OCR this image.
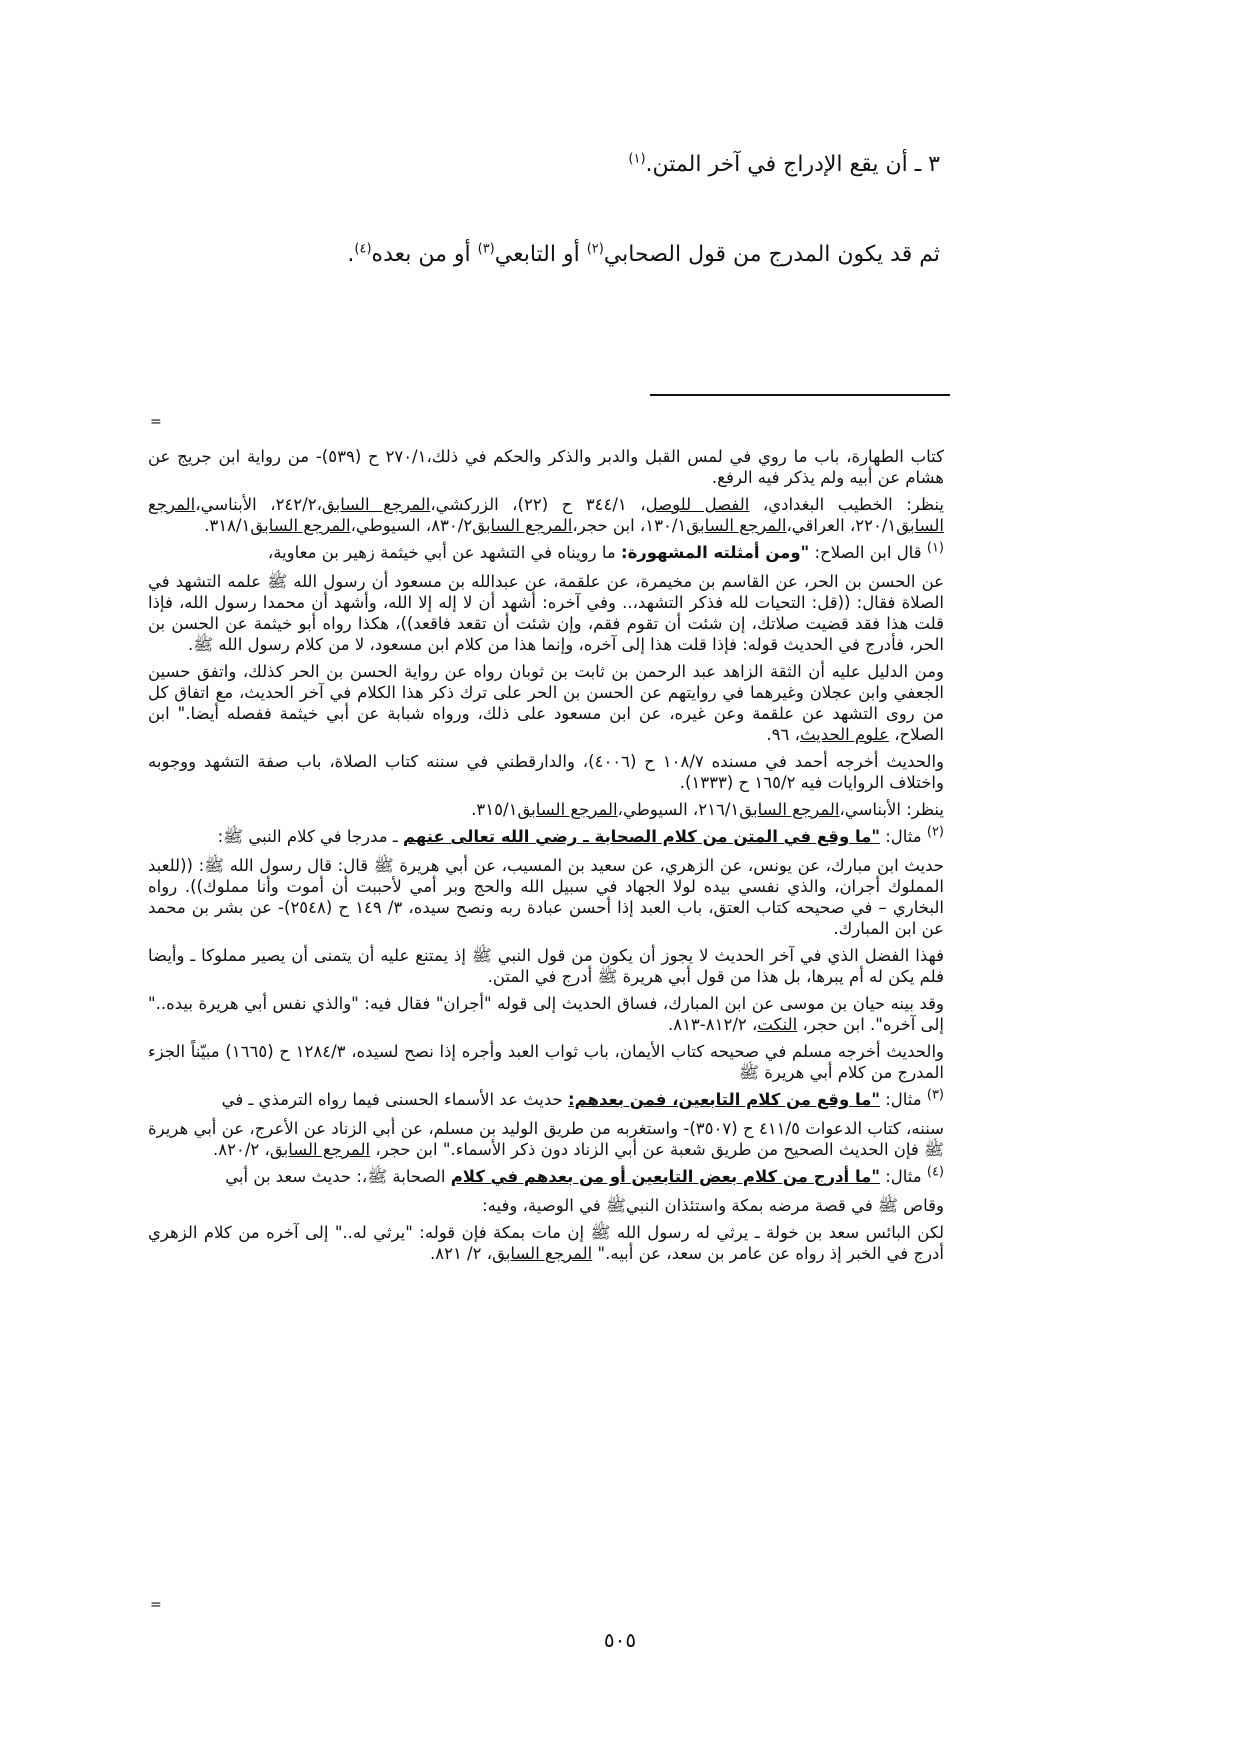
٣ ـ أن يقع الإدراج في آخر المتن.$^{(١)}$

ثم قد يكون المدرج من قول الصحابي$^{(٢)}$ أو التابعي$^{(٣)}$ أو من بعده$^{(٤)}$.

=

كتاب الطهارة، باب ما روي في لمس القبل والدبر والذكر والحكم في ذلك،٢٧٠/١ ح (٥٣٩)- من رواية ابن جريج عن هشام عن أبيه ولم يذكر فيه الرفع.

ينظر: الخطيب البغدادي، الفصل للوصل، ٣٤٤/١ ح (٢٢)، الزركشي،المرجع السابق،٢٤٢/٢، الأبناسي،المرجع السابق٢٢٠/١، العراقي،المرجع السابق١٣٠/١، ابن حجر،المرجع السابق٨٣٠/٢، السيوطي،المرجع السابق٣١٨/١.

$^{(١)}$ قال ابن الصلاح: "ومن أمثلته المشهورة: ما رويناه في التشهد عن أبي خيثمة زهير بن معاوية،

عن الحسن بن الحر، عن القاسم بن مخيمرة، عن علقمة، عن عبدالله بن مسعود أن رسول الله ﷺ علمه التشهد في الصلاة فقال: ((قل: التحيات لله فذكر التشهد،.. وفي آخره: أشهد أن لا إله إلا الله، وأشهد أن محمدا رسول الله، فإذا قلت هذا فقد قضيت صلاتك، إن شئت أن تقوم فقم، وإن شئت أن تقعد فاقعد))، هكذا رواه أبو خيثمة عن الحسن بن الحر، فأدرج في الحديث قوله: فإذا قلت هذا إلى آخره، وإنما هذا من كلام ابن مسعود، لا من كلام رسول الله ﷺ.

ومن الدليل عليه أن الثقة الزاهد عبد الرحمن بن ثابت بن ثوبان رواه عن رواية الحسن بن الحر كذلك، واتفق حسين الجعفي وابن عجلان وغيرهما في روايتهم عن الحسن بن الحر على ترك ذكر هذا الكلام في آخر الحديث، مع اتفاق كل من روى التشهد عن علقمة وعن غيره، عن ابن مسعود على ذلك، ورواه شبابة عن أبي خيثمة ففصله أيضا." ابن الصلاح، علوم الحديث، ٩٦.

والحديث أخرجه أحمد في مسنده ١٠٨/٧ ح (٤٠٠٦)، والدارقطني في سننه كتاب الصلاة، باب صفة التشهد ووجوبه واختلاف الروايات فيه ١٦٥/٢ ح (١٣٣٣).

ينظر: الأبناسي،المرجع السابق٢١٦/١، السيوطي،المرجع السابق٣١٥/١.

$^{(٢)}$ مثال: "ما وقع في المتن من كلام الصحابة ـ رضي الله تعالى عنهم ـ مدرجا في كلام النبي ﷺ:

حديث ابن مبارك، عن يونس، عن الزهري، عن سعيد بن المسيب، عن أبي هريرة ﷺ قال: قال رسول الله ﷺ: ((للعبد المملوك أجران، والذي نفسي بيده لولا الجهاد في سبيل الله والحج وبر أمي لأحببت أن أموت وأنا مملوك)). رواه البخاري – في صحيحه كتاب العتق، باب العبد إذا أحسن عبادة ربه ونصح سيده، ٣/ ١٤٩ ح (٢٥٤٨)- عن بشر بن محمد عن ابن المبارك.

فهذا الفضل الذي في آخر الحديث لا يجوز أن يكون من قول النبي ﷺ إذ يمتنع عليه أن يتمنى أن يصير مملوكا ـ وأيضا فلم يكن له أم يبرها، بل هذا من قول أبي هريرة ﷺ أدرج في المتن.

وقد بينه حيان بن موسى عن ابن المبارك، فساق الحديث إلى قوله "أجران" فقال فيه: "والذي نفس أبي هريرة بيده.." إلى آخره". ابن حجر، النكت، ٨١٢/٢-٨١٣.

والحديث أخرجه مسلم في صحيحه كتاب الأيمان، باب ثواب العبد وأجره إذا نصح لسيده، ١٢٨٤/٣ ح (١٦٦٥) مبيّناً الجزء المدرج من كلام أبي هريرة ﷺ

$^{(٣)}$ مثال: "ما وقع من كلام التابعين، فمن بعدهم: حديث عد الأسماء الحسنى فيما رواه الترمذي ـ في

سننه، كتاب الدعوات ٤١١/٥ ح (٣٥٠٧)- واستغربه من طريق الوليد بن مسلم، عن أبي الزناد عن الأعرج، عن أبي هريرة ﷺ فإن الحديث الصحيح من طريق شعبة عن أبي الزناد دون ذكر الأسماء." ابن حجر، المرجع السابق، ٨٢٠/٢.

$^{(٤)}$ مثال: "ما أدرج من كلام بعض التابعين أو من بعدهم في كلام الصحابة ﷺ،: حديث سعد بن أبي

وقاص ﷺ في قصة مرضه بمكة واستئذان النبيﷺ في الوصية، وفيه:

لكن البائس سعد بن خولة ـ يرثي له رسول الله ﷺ إن مات بمكة فإن قوله: "يرثي له.." إلى آخره من كلام الزهري أدرج في الخبر إذ رواه عن عامر بن سعد، عن أبيه." المرجع السابق، ٢/ ٨٢١.

=
٥٠٥
